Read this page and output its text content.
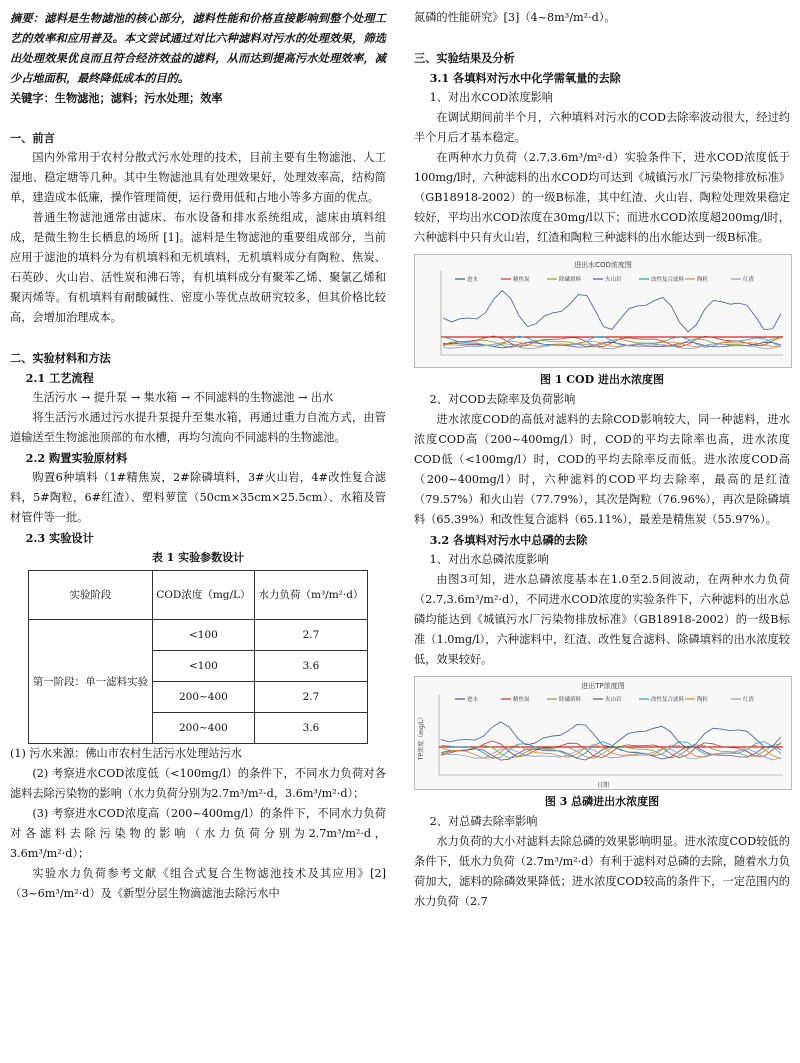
摘要：滤料是生物滤池的核心部分，滤料性能和价格直接影响到整个处理工艺的效率和应用普及。本文尝试通过对比六种滤料对污水的处理效果，筛选出处理效果优良而且符合经济效益的滤料，从而达到提高污水处理效率，减少占地面积，最终降低成本的目的。

关键字：生物滤池；滤料；污水处理；效率

一、前言

国内外常用于农村分散式污水处理的技术，目前主要有生物滤池、人工湿地、稳定塘等几种。其中生物滤池具有处理效果好，处理效率高，结构简单，建造成本低廉，操作管理简便，运行费用低和占地小等多方面的优点。

普通生物滤池通常由滤床、布水设备和排水系统组成，滤床由填料组成，是微生物生长栖息的场所 [1]。滤料是生物滤池的重要组成部分，当前应用于滤池的填料分为有机填料和无机填料，无机填料成分有陶粒、焦炭、石英砂、火山岩、活性炭和沸石等，有机填料成分有聚苯乙烯、聚氯乙烯和聚丙烯等。有机填料有耐酸碱性、密度小等优点故研究较多，但其价格比较高，会增加治理成本。

二、实验材料和方法

2.1 工艺流程

生活污水 → 提升泵 → 集水箱 → 不同滤料的生物滤池 → 出水

将生活污水通过污水提升泵提升至集水箱，再通过重力自流方式，由管道输送至生物滤池顶部的布水槽，再均匀流向不同滤料的生物滤池。

2.2 购置实验原材料

购置6种填料（1#精焦炭，2#除磷填料，3#火山岩，4#改性复合滤料，5#陶粒，6#红渣）、塑料萝筐（50cm×35cm×25.5cm）、水箱及管材管件等一批。

2.3 实验设计

表 1 实验参数设计

实验阶段	COD浓度（mg/L）	水力负荷（m³/m²·d）
第一阶段：单一滤料实验	<100	2.7
	<100	3.6
	200~400	2.7
	200~400	3.6

(1) 污水来源：佛山市农村生活污水处理站污水

(2) 考察进水COD浓度低（<100mg/l）的条件下，不同水力负荷对各滤料去除污染物的影响（水力负荷分别为2.7m³/m²·d，3.6m³/m²·d）；

(3) 考察进水COD浓度高（200~400mg/l）的条件下，不同水力负荷对各滤料去除污染物的影响（水力负荷分别为2.7m³/m²·d，3.6m³/m²·d）；

实验水力负荷参考文献《组合式复合生物滤池技术及其应用》[2]（3~6m³/m²·d）及《新型分层生物滴滤池去除污水中

氮磷的性能研究》[3]（4~8m³/m²·d）。

三、实验结果及分析

3.1 各填料对污水中化学需氧量的去除

1、对出水COD浓度影响

在调试期间前半个月，六种填料对污水的COD去除率波动很大，经过约半个月后才基本稳定。

在两种水力负荷（2.7,3.6m³/m²·d）实验条件下，进水COD浓度低于100mg/l时，六种滤料的出水COD均可达到《城镇污水厂污染物排放标准》（GB18918-2002）的一级B标准，其中红渣、火山岩、陶粒处理效果稳定较好，平均出水COD浓度在30mg/l以下；而进水COD浓度超200mg/l时，六种滤料中只有火山岩，红渣和陶粒三种滤料的出水能达到一级B标准。

进出水COD浓度图
进水	精焦炭	除磷填料	火山岩	改性复合滤料 陶粒	红渣

图 1 COD 进出水浓度图

2、对COD去除率及负荷影响

进水浓度COD的高低对滤料的去除COD影响较大，同一种滤料，进水浓度COD高（200~400mg/l）时，COD的平均去除率也高，进水浓度COD低（<100mg/l）时，COD的平均去除率反而低。进水浓度COD高（200~400mg/l）时，六种滤料的COD平均去除率，最高的是红渣（79.57%）和火山岩（77.79%），其次是陶粒（76.96%），再次是除磷填料（65.39%）和改性复合滤料（65.11%），最差是精焦炭（55.97%）。

3.2 各填料对污水中总磷的去除

1、对出水总磷浓度影响

由图3可知，进水总磷浓度基本在1.0至2.5间波动，在两种水力负荷（2.7,3.6m³/m²·d），不同进水COD浓度的实验条件下，六种滤料的出水总磷均能达到《城镇污水厂污染物排放标准》（GB18918-2002）的一级B标准（1.0mg/l），六种滤料中，红渣、改性复合滤料、除磷填料的出水浓度较低，效果较好。

进出TP浓度图
进水	精焦炭	除磷填料	火山岩	改性复合滤料 陶粒	红渣
TP浓度（mg/L）
日期

图 3 总磷进出水浓度图

2、对总磷去除率影响

水力负荷的大小对滤料去除总磷的效果影响明显。进水浓度COD较低的条件下，低水力负荷（2.7m³/m²·d）有利于滤料对总磷的去除，随着水力负荷加大，滤料的除磷效果降低；进水浓度COD较高的条件下，一定范围内的水力负荷（2.7
